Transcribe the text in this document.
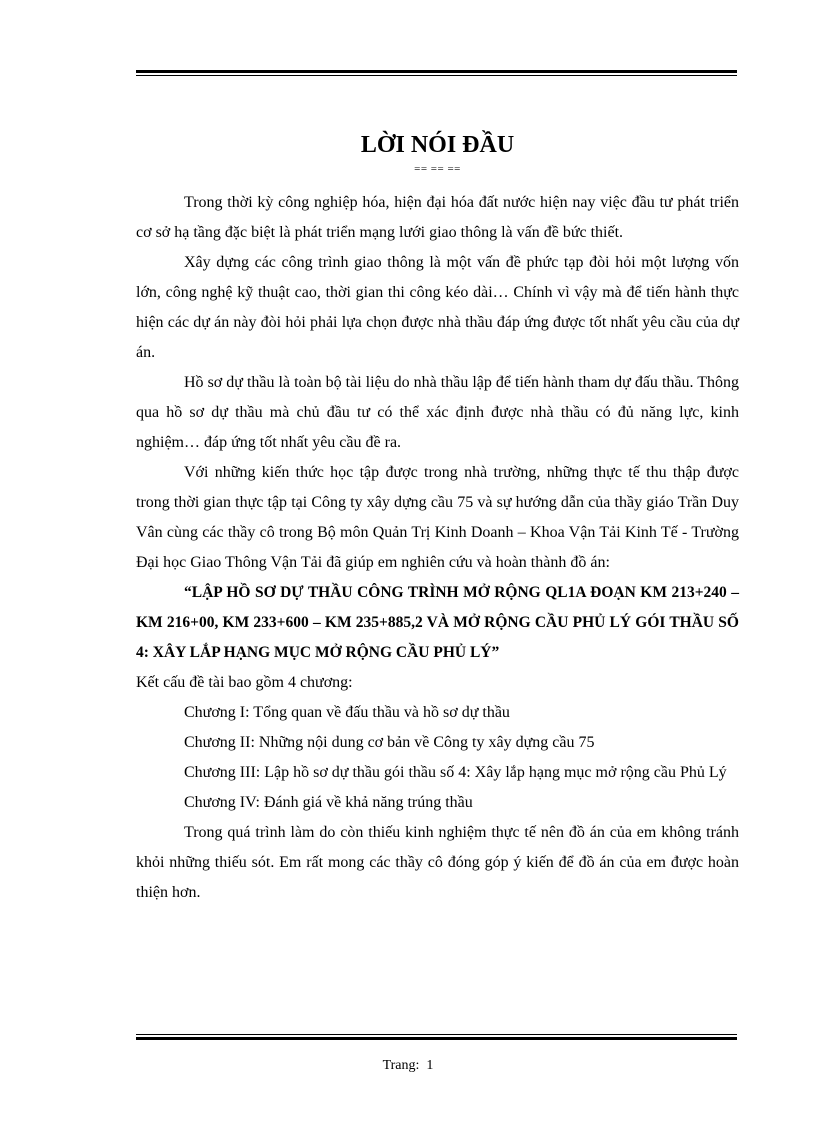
LỜI NÓI ĐẦU

== == ==

Trong thời kỳ công nghiệp hóa, hiện đại hóa đất nước hiện nay việc đầu tư phát triển cơ sở hạ tầng đặc biệt là phát triển mạng lưới giao thông là vấn đề bức thiết.

Xây dựng các công trình giao thông là một vấn đề phức tạp đòi hỏi một lượng vốn lớn, công nghệ kỹ thuật cao, thời gian thi công kéo dài… Chính vì vậy mà để tiến hành thực hiện các dự án này đòi hỏi phải lựa chọn được nhà thầu đáp ứng được tốt nhất yêu cầu của dự án.

Hồ sơ dự thầu là toàn bộ tài liệu do nhà thầu lập để tiến hành tham dự đấu thầu. Thông qua hồ sơ dự thầu mà chủ đầu tư có thể xác định được nhà thầu có đủ năng lực, kinh nghiệm… đáp ứng tốt nhất yêu cầu đề ra.

Với những kiến thức học tập được trong nhà trường, những thực tế thu thập được trong thời gian thực tập tại Công ty xây dựng cầu 75 và sự hướng dẫn của thầy giáo Trần Duy Vân cùng các thầy cô trong Bộ môn Quản Trị Kinh Doanh – Khoa Vận Tải Kinh Tế - Trường Đại học Giao Thông Vận Tải đã giúp em nghiên cứu và hoàn thành đồ án:

“LẬP HỒ SƠ DỰ THẦU CÔNG TRÌNH MỞ RỘNG QL1A ĐOẠN KM 213+240 – KM 216+00, KM 233+600 – KM 235+885,2 VÀ MỞ RỘNG CẦU PHỦ LÝ GÓI THẦU SỐ 4: XÂY LẮP HẠNG MỤC MỞ RỘNG CẦU PHỦ LÝ”

Kết cấu đề tài bao gồm 4 chương:

Chương I: Tổng quan về đấu thầu và hồ sơ dự thầu

Chương II: Những nội dung cơ bản về Công ty xây dựng cầu 75

Chương III: Lập hồ sơ dự thầu gói thầu số 4: Xây lắp hạng mục mở rộng cầu Phủ Lý

Chương IV: Đánh giá về khả năng trúng thầu

Trong quá trình làm do còn thiếu kinh nghiệm thực tế nên đồ án của em không tránh khỏi những thiếu sót. Em rất mong các thầy cô đóng góp ý kiến để đồ án của em được hoàn thiện hơn.

Trang: 1
